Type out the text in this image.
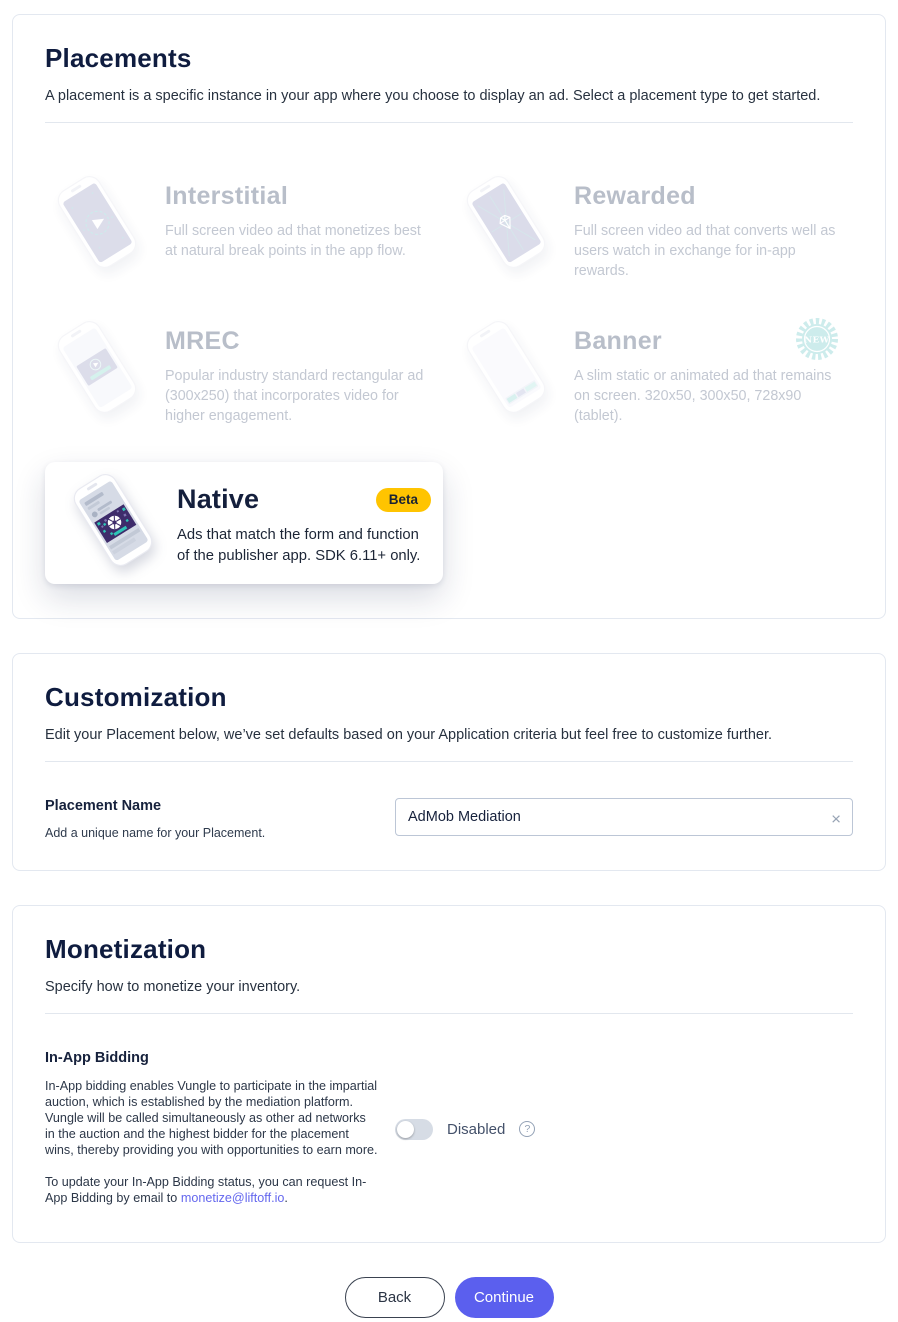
Placements

A placement is a specific instance in your app where you choose to display an ad. Select a placement type to get started.

Interstitial

Full screen video ad that monetizes best at natural break points in the app flow.

Rewarded

Full screen video ad that converts well as users watch in exchange for in-app rewards.

MREC

Popular industry standard rectangular ad (300x250) that incorporates video for higher engagement.

Banner

A slim static or animated ad that remains on screen. 320x50, 300x50, 728x90 (tablet).

NEW
Native	Beta

Ads that match the form and function of the publisher app. SDK 6.11+ only.

Customization

Edit your Placement below, we’ve set defaults based on your Application criteria but feel free to customize further.

Placement Name

Add a unique name for your Placement.

AdMob Mediation
×
Monetization

Specify how to monetize your inventory.

In-App Bidding

In-App bidding enables Vungle to participate in the impartial auction, which is established by the mediation platform. Vungle will be called simultaneously as other ad networks in the auction and the highest bidder for the placement wins, thereby providing you with opportunities to earn more.

To update your In-App Bidding status, you can request In-App Bidding by email to monetize@liftoff.io.

Disabled	?
Back	Continue
